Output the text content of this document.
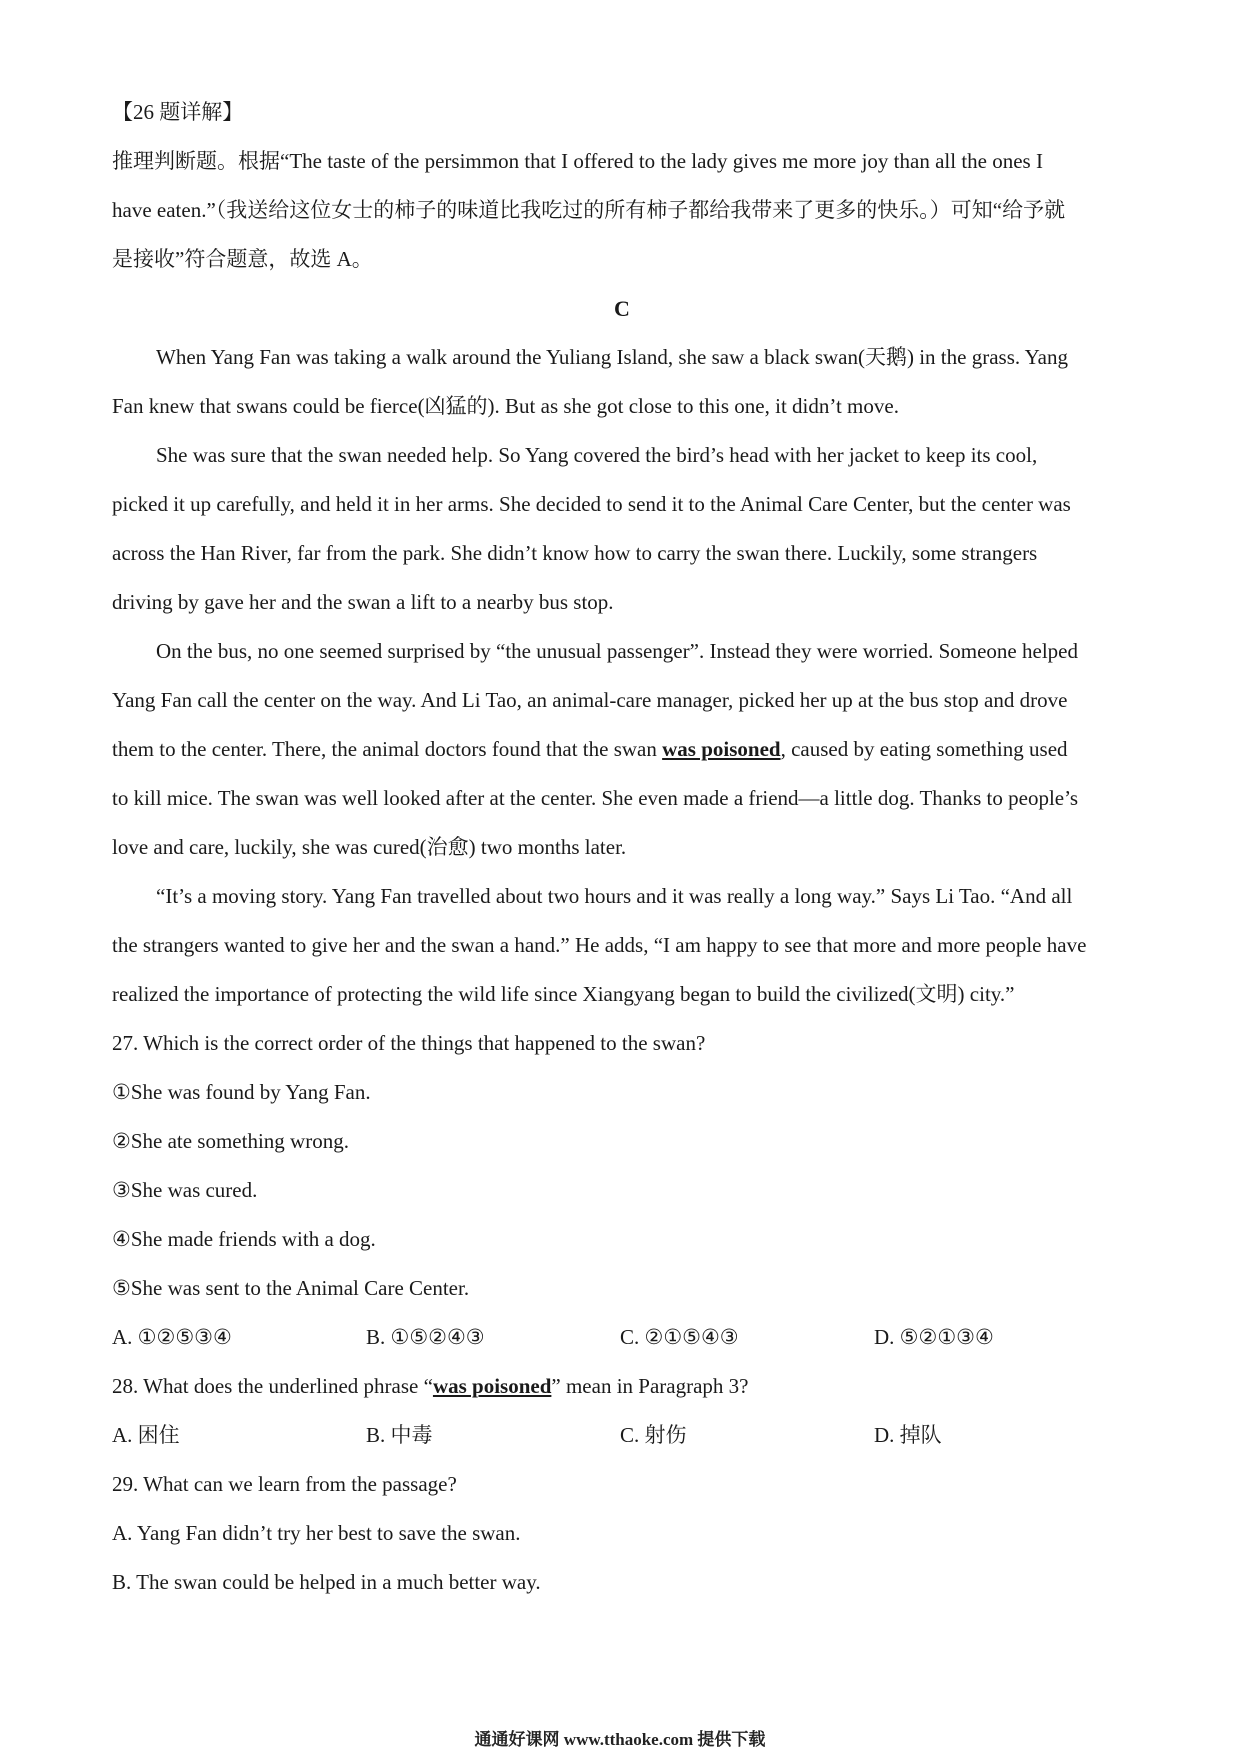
【26 题详解】

推理判断题。根据“The taste of the persimmon that I offered to the lady gives me more joy than all the ones I

have eaten.”（我送给这位女士的柿子的味道比我吃过的所有柿子都给我带来了更多的快乐。）可知“给予就

是接收”符合题意，故选 A。

C

When Yang Fan was taking a walk around the Yuliang Island, she saw a black swan(天鹅) in the grass. Yang

Fan knew that swans could be fierce(凶猛的). But as she got close to this one, it didn’t move.

She was sure that the swan needed help. So Yang covered the bird’s head with her jacket to keep its cool,

picked it up carefully, and held it in her arms. She decided to send it to the Animal Care Center, but the center was

across the Han River, far from the park. She didn’t know how to carry the swan there. Luckily, some strangers

driving by gave her and the swan a lift to a nearby bus stop.

On the bus, no one seemed surprised by “the unusual passenger”. Instead they were worried. Someone helped

Yang Fan call the center on the way. And Li Tao, an animal-care manager, picked her up at the bus stop and drove

them to the center. There, the animal doctors found that the swan was poisoned, caused by eating something used

to kill mice. The swan was well looked after at the center. She even made a friend—a little dog. Thanks to people’s

love and care, luckily, she was cured(治愈) two months later.

“It’s a moving story. Yang Fan travelled about two hours and it was really a long way.” Says Li Tao. “And all

the strangers wanted to give her and the swan a hand.” He adds, “I am happy to see that more and more people have

realized the importance of protecting the wild life since Xiangyang began to build the civilized(文明) city.”

27. Which is the correct order of the things that happened to the swan?

①She was found by Yang Fan.

②She ate something wrong.

③She was cured.

④She made friends with a dog.

⑤She was sent to the Animal Care Center.

A. ①②⑤③④	B. ①⑤②④③	C. ②①⑤④③	D. ⑤②①③④

28. What does the underlined phrase “was poisoned” mean in Paragraph 3?

A. 困住	B. 中毒	C. 射伤	D. 掉队

29. What can we learn from the passage?

A. Yang Fan didn’t try her best to save the swan.

B. The swan could be helped in a much better way.

通通好课网 www.tthaoke.com 提供下载
